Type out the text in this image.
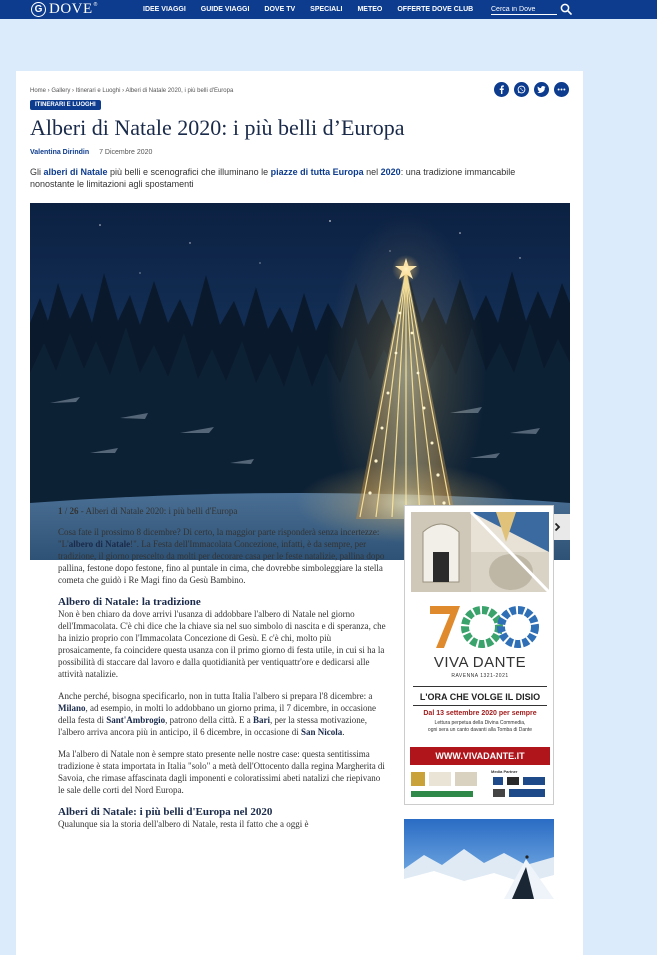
G DOVE ®
IDEE VIAGGI GUIDE VIAGGI DOVE TV SPECIALI METEO OFFERTE DOVE CLUB
Cerca in Dove
Home › Gallery › Itinerari e Luoghi › Alberi di Natale 2020, i più belli d'Europa
ITINERARI E LUOGHI
Alberi di Natale 2020: i più belli d’Europa
Valentina Dirindin 7 Dicembre 2020

Gli alberi di Natale più belli e scenografici che illuminano le piazze di tutta Europa nel 2020: una tradizione immancabile nonostante le limitazioni agli spostamenti

1 / 26 - Alberi di Natale 2020: i più belli d'Europa

Cosa fate il prossimo 8 dicembre? Di certo, la maggior parte risponderà senza incertezze: "L'albero di Natale!". La Festa dell'Immacolata Concezione, infatti, è da sempre, per tradizione, il giorno prescelto da molti per decorare casa per le feste natalizie, pallina dopo pallina, festone dopo festone, fino al puntale in cima, che dovrebbe simboleggiare la stella cometa che guidò i Re Magi fino da Gesù Bambino.

Albero di Natale: la tradizione

Non è ben chiaro da dove arrivi l'usanza di addobbare l'albero di Natale nel giorno dell'Immacolata. C'è chi dice che la chiave sia nel suo simbolo di nascita e di speranza, che ha inizio proprio con l'Immacolata Concezione di Gesù. E c'è chi, molto più prosaicamente, fa coincidere questa usanza con il primo giorno di festa utile, in cui si ha la possibilità di staccare dal lavoro e dalla quotidianità per ventiquattr'ore e dedicarsi alle attività natalizie.

Anche perché, bisogna specificarlo, non in tutta Italia l'albero si prepara l'8 dicembre: a Milano, ad esempio, in molti lo addobbano un giorno prima, il 7 dicembre, in occasione della festa di Sant'Ambrogio, patrono della città. E a Bari, per la stessa motivazione, l'albero arriva ancora più in anticipo, il 6 dicembre, in occasione di San Nicola.

Ma l'albero di Natale non è sempre stato presente nelle nostre case: questa sentitissima tradizione è stata importata in Italia "solo" a metà dell'Ottocento dalla regina Margherita di Savoia, che rimase affascinata dagli imponenti e coloratissimi abeti natalizi che riepivano le sale delle corti del Nord Europa.

Alberi di Natale: i più belli d'Europa nel 2020

Qualunque sia la storia dell'albero di Natale, resta il fatto che a oggi è

VIVA DANTE
RAVENNA 1321-2021
L'ORA CHE VOLGE IL DISIO
Dal 13 settembre 2020 per sempre
Lettura perpetua della Divina Commedia,
ogni sera un canto davanti alla Tomba di Dante
WWW.VIVADANTE.IT
Media Partner
